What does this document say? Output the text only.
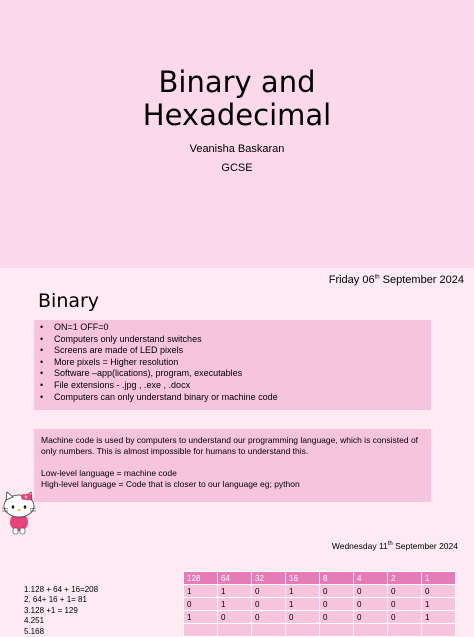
Binary and
Hexadecimal
Veanisha Baskaran
GCSE
Friday 06th September 2024
Binary
• ON=1 OFF=0
• Computers only understand switches
• Screens are made of LED pixels
• More pixels = Higher resolution
• Software –app(lications), program, executables
• File extensions - .jpg , .exe , .docx
• Computers can only understand binary or machine code

Machine code is used by computers to understand our programming language, which is consisted of only numbers. This is almost impossible for humans to understand this.

Low-level language = machine code

High-level language = Code that is closer to our language eg; python

Wednesday 11th September 2024
1.128 + 64 + 16=208
2. 64+ 16 + 1= 81
3.128 +1 = 129
4.251
5.168
128	64	32	16	8	4	2	1
1	1	0	1	0	0	0	0
0	1	0	1	0	0	0	1
1	0	0	0	0	0	0	1
